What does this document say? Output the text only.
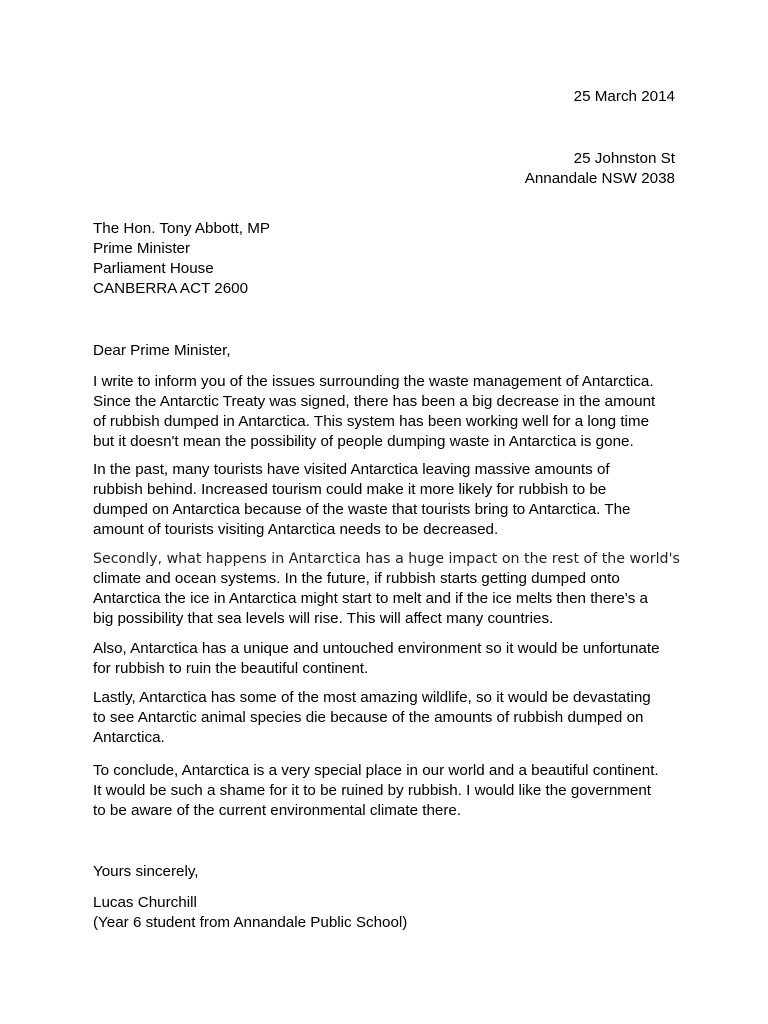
25 March 2014
25 Johnston St
Annandale NSW 2038
The Hon. Tony Abbott, MP
Prime Minister
Parliament House
CANBERRA ACT 2600
Dear Prime Minister,
I write to inform you of the issues surrounding the waste management of Antarctica.
Since the Antarctic Treaty was signed, there has been a big decrease in the amount
of rubbish dumped in Antarctica. This system has been working well for a long time
but it doesn't mean the possibility of people dumping waste in Antarctica is gone.
In the past, many tourists have visited Antarctica leaving massive amounts of
rubbish behind. Increased tourism could make it more likely for rubbish to be
dumped on Antarctica because of the waste that tourists bring to Antarctica. The
amount of tourists visiting Antarctica needs to be decreased.
Secondly, what happens in Antarctica has a huge impact on the rest of the world's
climate and ocean systems. In the future, if rubbish starts getting dumped onto
Antarctica the ice in Antarctica might start to melt and if the ice melts then there's a
big possibility that sea levels will rise. This will affect many countries.
Also, Antarctica has a unique and untouched environment so it would be unfortunate
for rubbish to ruin the beautiful continent.
Lastly, Antarctica has some of the most amazing wildlife, so it would be devastating
to see Antarctic animal species die because of the amounts of rubbish dumped on
Antarctica.
To conclude, Antarctica is a very special place in our world and a beautiful continent.
It would be such a shame for it to be ruined by rubbish. I would like the government
to be aware of the current environmental climate there.
Yours sincerely,
Lucas Churchill
(Year 6 student from Annandale Public School)
